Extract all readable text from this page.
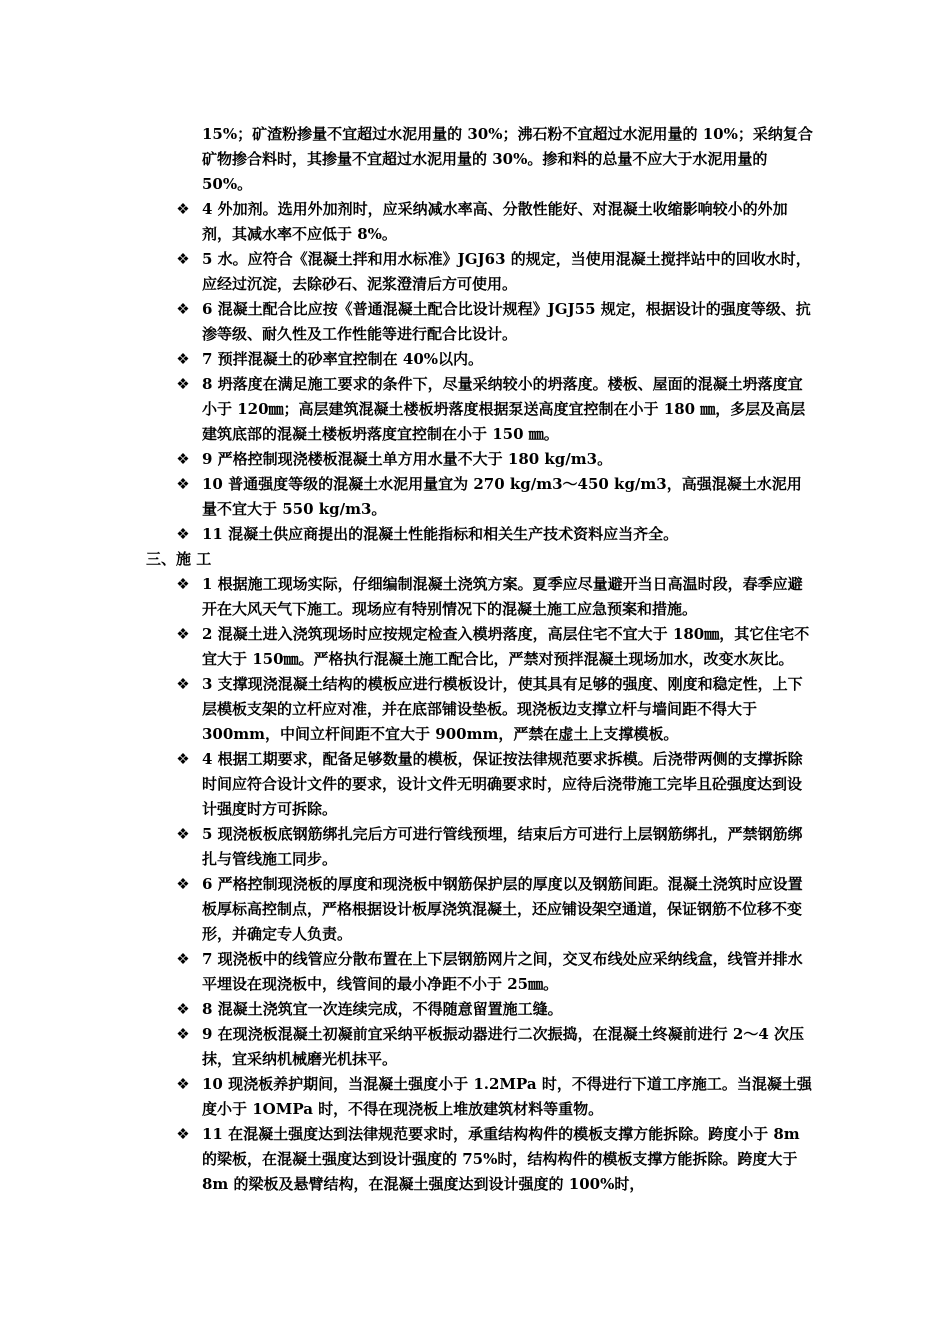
15%；矿渣粉掺量不宜超过水泥用量的 30%；沸石粉不宜超过水泥用量的 10%；采纳复合矿物掺合料时，其掺量不宜超过水泥用量的 30%。掺和料的总量不应大于水泥用量的 50%。
❖ 4 外加剂。选用外加剂时，应采纳减水率高、分散性能好、对混凝土收缩影响较小的外加剂，其减水率不应低于 8%。
❖ 5 水。应符合《混凝土拌和用水标准》JGJ63 的规定，当使用混凝土搅拌站中的回收水时，应经过沉淀，去除砂石、泥浆澄清后方可使用。
❖ 6 混凝土配合比应按《普通混凝土配合比设计规程》JGJ55 规定，根据设计的强度等级、抗渗等级、耐久性及工作性能等进行配合比设计。
❖ 7 预拌混凝土的砂率宜控制在 40%以内。
❖ 8 坍落度在满足施工要求的条件下，尽量采纳较小的坍落度。楼板、屋面的混凝土坍落度宜小于 120㎜；高层建筑混凝土楼板坍落度根据泵送高度宜控制在小于 180 ㎜，多层及高层建筑底部的混凝土楼板坍落度宜控制在小于 150 ㎜。
❖ 9 严格控制现浇楼板混凝土单方用水量不大于 180 kg/m3。
❖ 10 普通强度等级的混凝土水泥用量宜为 270 kg/m3～450 kg/m3，高强混凝土水泥用量不宜大于 550 kg/m3。
❖ 11 混凝土供应商提出的混凝土性能指标和相关生产技术资料应当齐全。
三、施 工
❖ 1 根据施工现场实际，仔细编制混凝土浇筑方案。夏季应尽量避开当日高温时段，春季应避开在大风天气下施工。现场应有特别情况下的混凝土施工应急预案和措施。
❖ 2 混凝土进入浇筑现场时应按规定检查入模坍落度，高层住宅不宜大于 180㎜，其它住宅不宜大于 150㎜。严格执行混凝土施工配合比，严禁对预拌混凝土现场加水，改变水灰比。
❖ 3 支撑现浇混凝土结构的模板应进行模板设计，使其具有足够的强度、刚度和稳定性，上下层模板支架的立杆应对准，并在底部铺设垫板。现浇板边支撑立杆与墙间距不得大于 300mm，中间立杆间距不宜大于 900mm，严禁在虚土上支撑模板。
❖ 4 根据工期要求，配备足够数量的模板，保证按法律规范要求拆模。后浇带两侧的支撑拆除时间应符合设计文件的要求，设计文件无明确要求时，应待后浇带施工完毕且砼强度达到设计强度时方可拆除。
❖ 5 现浇板板底钢筋绑扎完后方可进行管线预埋，结束后方可进行上层钢筋绑扎，严禁钢筋绑扎与管线施工同步。
❖ 6 严格控制现浇板的厚度和现浇板中钢筋保护层的厚度以及钢筋间距。混凝土浇筑时应设置板厚标高控制点，严格根据设计板厚浇筑混凝土，还应铺设架空通道，保证钢筋不位移不变形，并确定专人负责。
❖ 7 现浇板中的线管应分散布置在上下层钢筋网片之间，交叉布线处应采纳线盒，线管并排水平埋设在现浇板中，线管间的最小净距不小于 25㎜。
❖ 8 混凝土浇筑宜一次连续完成，不得随意留置施工缝。
❖ 9 在现浇板混凝土初凝前宜采纳平板振动器进行二次振捣，在混凝土终凝前进行 2～4 次压抹，宜采纳机械磨光机抹平。
❖ 10 现浇板养护期间，当混凝土强度小于 1.2MPa 时，不得进行下道工序施工。当混凝土强度小于 1OMPa 时，不得在现浇板上堆放建筑材料等重物。
❖ 11 在混凝土强度达到法律规范要求时，承重结构构件的模板支撑方能拆除。跨度小于 8m 的梁板，在混凝土强度达到设计强度的 75%时，结构构件的模板支撑方能拆除。跨度大于 8m 的梁板及悬臂结构，在混凝土强度达到设计强度的 100%时，
